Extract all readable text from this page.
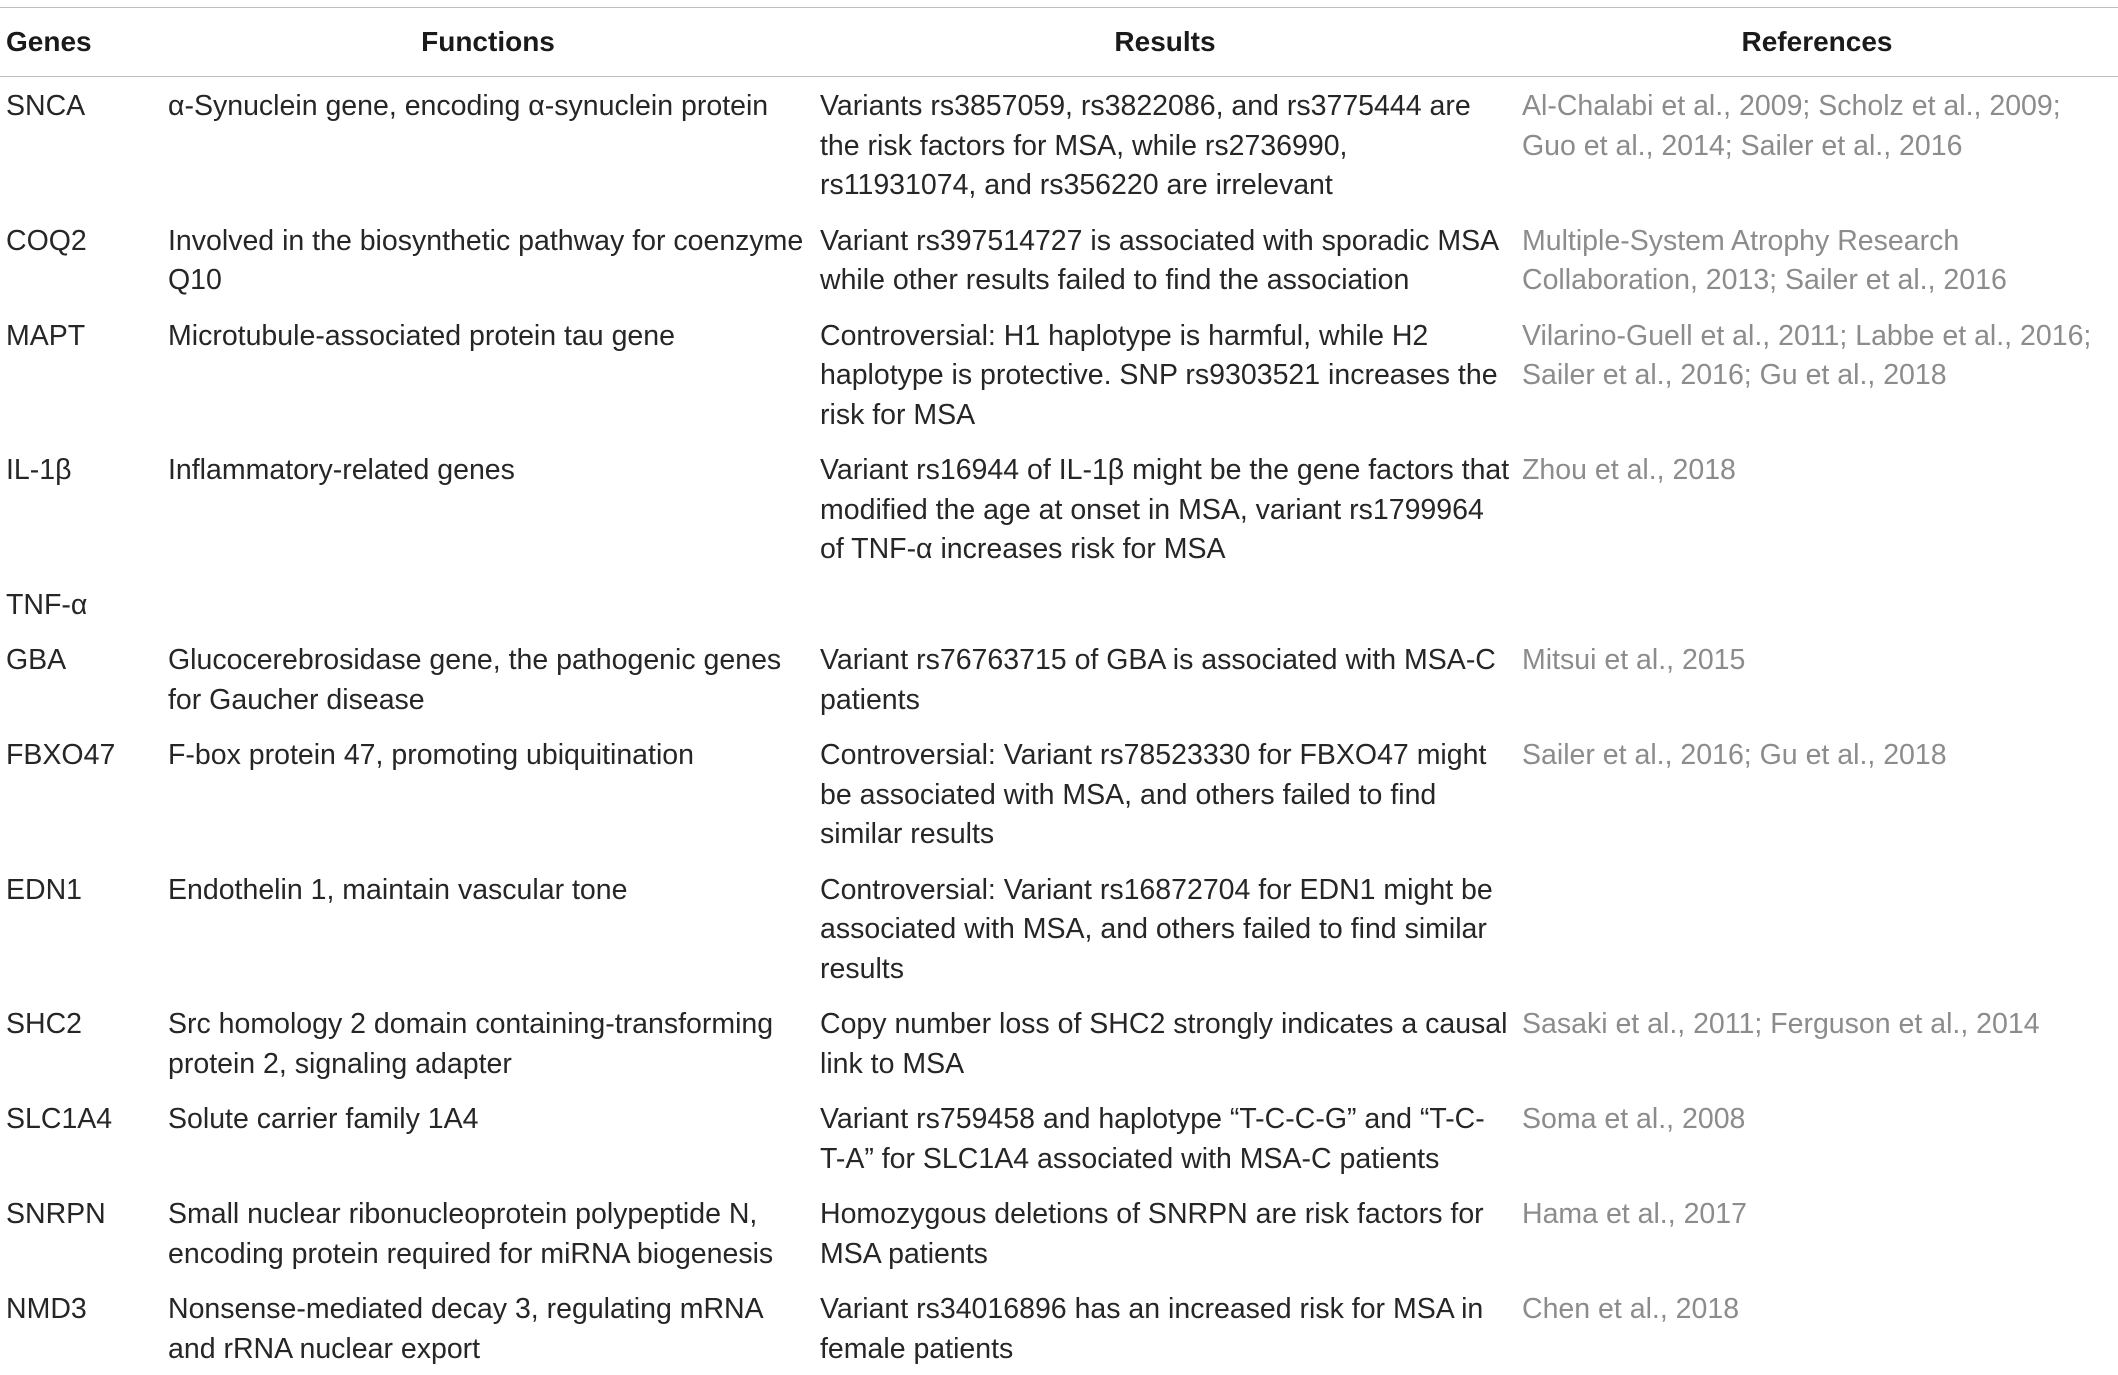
Genes	Functions	Results	References
SNCA	α-Synuclein gene, encoding α-synuclein protein	Variants rs3857059, rs3822086, and rs3775444 are the risk factors for MSA, while rs2736990, rs11931074, and rs356220 are irrelevant	Al-Chalabi et al., 2009; Scholz et al., 2009; Guo et al., 2014; Sailer et al., 2016
COQ2	Involved in the biosynthetic pathway for coenzyme Q10	Variant rs397514727 is associated with sporadic MSA while other results failed to find the association	Multiple-System Atrophy Research Collaboration, 2013; Sailer et al., 2016
MAPT	Microtubule-associated protein tau gene	Controversial: H1 haplotype is harmful, while H2 haplotype is protective. SNP rs9303521 increases the risk for MSA	Vilarino-Guell et al., 2011; Labbe et al., 2016; Sailer et al., 2016; Gu et al., 2018
IL-1β	Inflammatory-related genes	Variant rs16944 of IL-1β might be the gene factors that modified the age at onset in MSA, variant rs1799964 of TNF-α increases risk for MSA	Zhou et al., 2018
TNF-α			
GBA	Glucocerebrosidase gene, the pathogenic genes for Gaucher disease	Variant rs76763715 of GBA is associated with MSA-C patients	Mitsui et al., 2015
FBXO47	F-box protein 47, promoting ubiquitination	Controversial: Variant rs78523330 for FBXO47 might be associated with MSA, and others failed to find similar results	Sailer et al., 2016; Gu et al., 2018
EDN1	Endothelin 1, maintain vascular tone	Controversial: Variant rs16872704 for EDN1 might be associated with MSA, and others failed to find similar results	
SHC2	Src homology 2 domain containing-transforming protein 2, signaling adapter	Copy number loss of SHC2 strongly indicates a causal link to MSA	Sasaki et al., 2011; Ferguson et al., 2014
SLC1A4	Solute carrier family 1A4	Variant rs759458 and haplotype “T-C-C-G” and “T-C-T-A” for SLC1A4 associated with MSA-C patients	Soma et al., 2008
SNRPN	Small nuclear ribonucleoprotein polypeptide N, encoding protein required for miRNA biogenesis	Homozygous deletions of SNRPN are risk factors for MSA patients	Hama et al., 2017
NMD3	Nonsense-mediated decay 3, regulating mRNA and rRNA nuclear export	Variant rs34016896 has an increased risk for MSA in female patients	Chen et al., 2018
